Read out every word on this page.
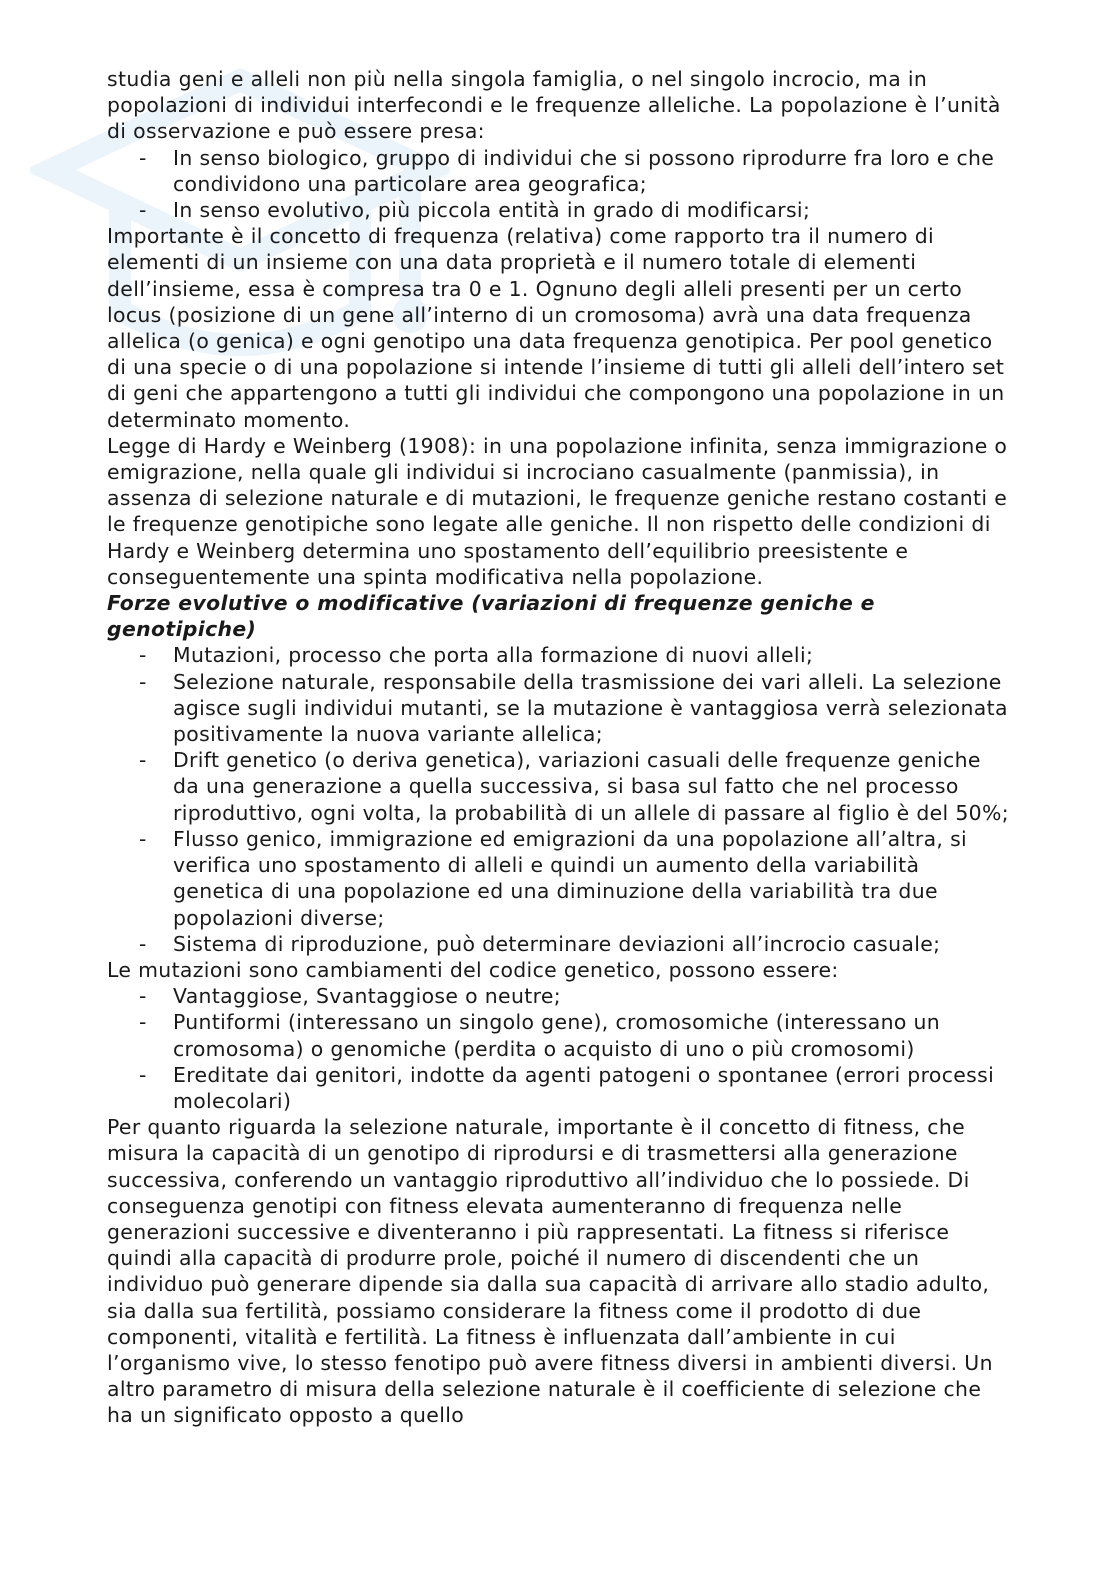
studia geni e alleli non più nella singola famiglia, o nel singolo incrocio, ma in popolazioni di individui interfecondi e le frequenze alleliche. La popolazione è l’unità di osservazione e può essere presa:

- In senso biologico, gruppo di individui che si possono riprodurre fra loro e che condividono una particolare area geografica;
- In senso evolutivo, più piccola entità in grado di modificarsi;

Importante è il concetto di frequenza (relativa) come rapporto tra il numero di elementi di un insieme con una data proprietà e il numero totale di elementi dell’insieme, essa è compresa tra 0 e 1. Ognuno degli alleli presenti per un certo locus (posizione di un gene all’interno di un cromosoma) avrà una data frequenza allelica (o genica) e ogni genotipo una data frequenza genotipica. Per pool genetico di una specie o di una popolazione si intende l’insieme di tutti gli alleli dell’intero set di geni che appartengono a tutti gli individui che compongono una popolazione in un determinato momento.

Legge di Hardy e Weinberg (1908): in una popolazione infinita, senza immigrazione o emigrazione, nella quale gli individui si incrociano casualmente (panmissia), in assenza di selezione naturale e di mutazioni, le frequenze geniche restano costanti e le frequenze genotipiche sono legate alle geniche. Il non rispetto delle condizioni di Hardy e Weinberg determina uno spostamento dell’equilibrio preesistente e conseguentemente una spinta modificativa nella popolazione.

Forze evolutive o modificative (variazioni di frequenze geniche e genotipiche)

- Mutazioni, processo che porta alla formazione di nuovi alleli;
- Selezione naturale, responsabile della trasmissione dei vari alleli. La selezione agisce sugli individui mutanti, se la mutazione è vantaggiosa verrà selezionata positivamente la nuova variante allelica;
- Drift genetico (o deriva genetica), variazioni casuali delle frequenze geniche da una generazione a quella successiva, si basa sul fatto che nel processo riproduttivo, ogni volta, la probabilità di un allele di passare al figlio è del 50%;
- Flusso genico, immigrazione ed emigrazioni da una popolazione all’altra, si verifica uno spostamento di alleli e quindi un aumento della variabilità genetica di una popolazione ed una diminuzione della variabilità tra due popolazioni diverse;
- Sistema di riproduzione, può determinare deviazioni all’incrocio casuale;

Le mutazioni sono cambiamenti del codice genetico, possono essere:

- Vantaggiose, Svantaggiose o neutre;
- Puntiformi (interessano un singolo gene), cromosomiche (interessano un cromosoma) o genomiche (perdita o acquisto di uno o più cromosomi)
- Ereditate dai genitori, indotte da agenti patogeni o spontanee (errori processi molecolari)

Per quanto riguarda la selezione naturale, importante è il concetto di fitness, che misura la capacità di un genotipo di riprodursi e di trasmettersi alla generazione successiva, conferendo un vantaggio riproduttivo all’individuo che lo possiede. Di conseguenza genotipi con fitness elevata aumenteranno di frequenza nelle generazioni successive e diventeranno i più rappresentati. La fitness si riferisce quindi alla capacità di produrre prole, poiché il numero di discendenti che un individuo può generare dipende sia dalla sua capacità di arrivare allo stadio adulto, sia dalla sua fertilità, possiamo considerare la fitness come il prodotto di due componenti, vitalità e fertilità. La fitness è influenzata dall’ambiente in cui l’organismo vive, lo stesso fenotipo può avere fitness diversi in ambienti diversi. Un altro parametro di misura della selezione naturale è il coefficiente di selezione che ha un significato opposto a quello
